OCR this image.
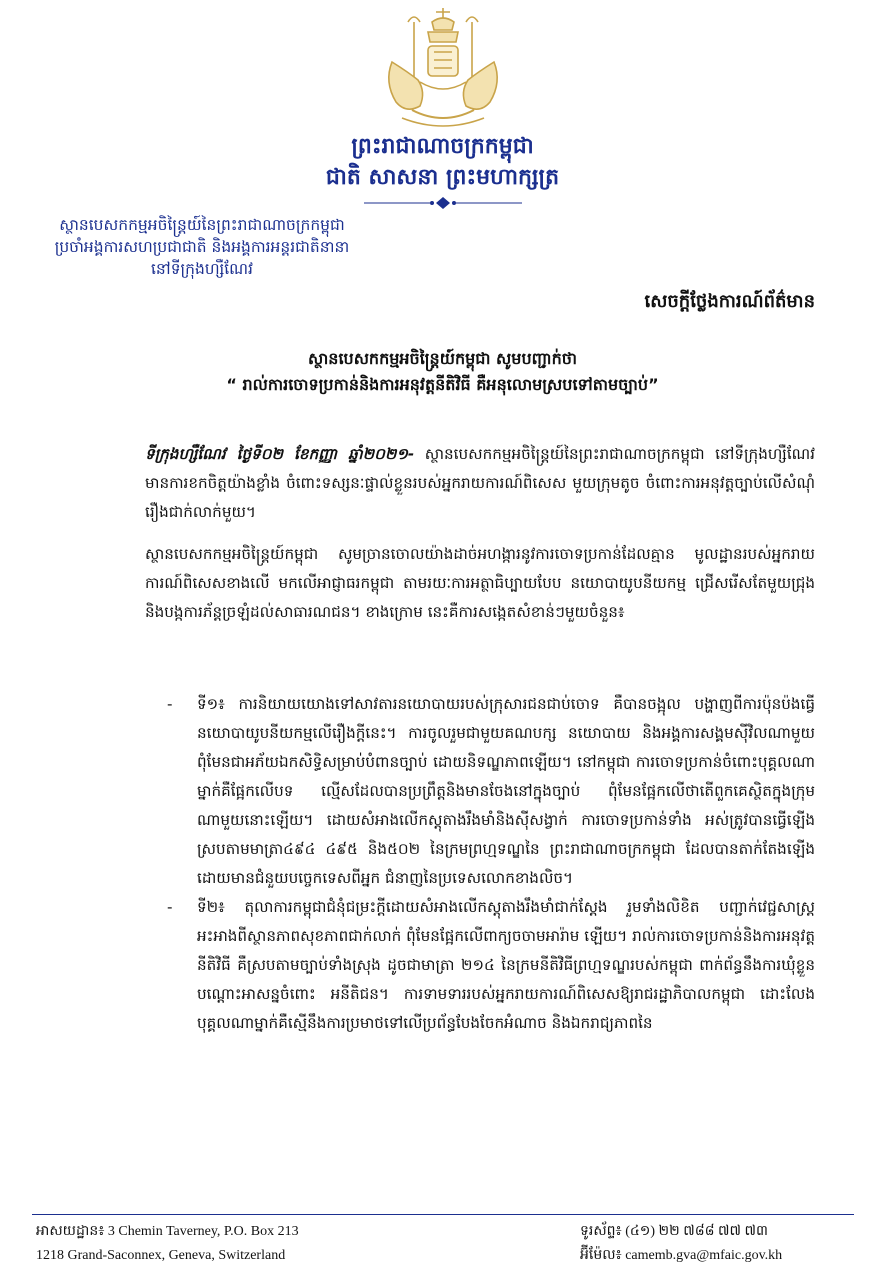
ព្រះរាជាណាចក្រកម្ពុជា
ជាតិ សាសនា ព្រះមហាក្សត្រ
ស្ថានបេសកកម្មអចិន្ត្រៃយ៍នៃព្រះរាជាណាចក្រកម្ពុជា
ប្រចាំអង្គការសហប្រជាជាតិ និងអង្គការអន្តរជាតិនានា
នៅទីក្រុងហ្សឺណែវ
សេចក្តីថ្លែងការណ៍ព័ត៌មាន
ស្ថានបេសកកម្មអចិន្ត្រៃយ៍កម្ពុជា សូមបញ្ជាក់ថា
“ រាល់ការចោទប្រកាន់និងការអនុវត្តនីតិវិធី គឺអនុលោមស្របទៅតាមច្បាប់”
ទីក្រុងហ្សឺណែវ ថ្ងៃទី០២ ខែកញ្ញា ឆ្នាំ២០២១- ស្ថានបេសកកម្មអចិន្ត្រៃយ៍នៃព្រះរាជាណាចក្រកម្ពុជា នៅទីក្រុងហ្សឺណែវ មានការខកចិត្តយ៉ាងខ្លាំង ចំពោះទស្សនៈផ្ទាល់ខ្លួនរបស់អ្នករាយការណ៍ពិសេស មួយក្រុមតូច ចំពោះការអនុវត្តច្បាប់លើសំណុំរឿងជាក់លាក់មួយ។
ស្ថានបេសកកម្មអចិន្ត្រៃយ៍កម្ពុជា សូមច្រានចោលយ៉ាងដាច់អហង្ការនូវការចោទប្រកាន់ដែលគ្មាន មូលដ្ឋានរបស់អ្នករាយការណ៍ពិសេសខាងលើ មកលើអាជ្ញាធរកម្ពុជា តាមរយៈការអត្ថាធិប្បាយបែប នយោបាយូបនីយកម្ម ជ្រើសរើសតែមួយជ្រុង និងបង្កការភ័ន្តច្រឡំដល់សាធារណជន។ ខាងក្រោម នេះគឺការសង្កេតសំខាន់ៗមួយចំនួន៖
- ទី១៖ ការនិយាយយោងទៅសាវតារនយោបាយរបស់ក្រុសារជនជាប់ចោទ គឺបានចង្អុល បង្ហាញពីការប៉ុនប៉ងធ្វើនយោបាយូបនីយកម្មលើរឿងក្តីនេះ។ ការចូលរួមជាមួយគណបក្ស នយោបាយ និងអង្គការសង្គមស៊ីវិលណាមួយ ពុំមែនជាអភ័យឯកសិទ្ធិសម្រាប់បំពានច្បាប់ ដោយនិទណ្ឌភាពឡើយ។ នៅកម្ពុជា ការចោទប្រកាន់ចំពោះបុគ្គលណាម្នាក់គឺផ្អែកលើបទ ល្មើសដែលបានប្រព្រឹត្តនិងមានចែងនៅក្នុងច្បាប់ ពុំមែនផ្អែកលើថាតើពួកគេស្ថិតក្នុងក្រុម ណាមួយនោះឡើយ។ ដោយសំអាងលើកស្តុតាងរឹងមាំនិងស៊ីសង្វាក់ ការចោទប្រកាន់ទាំង អស់ត្រូវបានធ្វើឡើងស្របតាមមាត្រា៤៩៤ ៤៩៥ និង៥០២ នៃក្រមព្រហ្មទណ្ឌនៃ ព្រះរាជាណាចក្រកម្ពុជា ដែលបានតាក់តែងឡើងដោយមានជំនួយបច្ចេកទេសពីអ្នក ជំនាញនៃប្រទេសលោកខាងលិច។
- ទី២៖ តុលាការកម្ពុជាជំនុំជម្រះក្តីដោយសំអាងលើកស្តុតាងរឹងមាំជាក់ស្តែង រួមទាំងលិខិត បញ្ជាក់វេជ្ជសាស្ត្រ អះអាងពីស្ថានភាពសុខភាពជាក់លាក់ ពុំមែនផ្អែកលើពាក្យចចាមអារ៉ាម ឡើយ។ រាល់ការចោទប្រកាន់និងការអនុវត្តនីតិវិធី គឺស្របតាមច្បាប់ទាំងស្រុង ដូចជាមាត្រា ២១៤ នៃក្រមនីតិវិធីព្រហ្មទណ្ឌរបស់កម្ពុជា ពាក់ព័ន្ធនឹងការឃុំខ្លួនបណ្តោះអាសន្នចំពោះ អនីតិជន។ ការទាមទាររបស់អ្នករាយការណ៍ពិសេសឱ្យរាជរដ្ឋាភិបាលកម្ពុជា ដោះលែង បុគ្គលណាម្នាក់គឺស្មើនឹងការប្រមាថទៅលើប្រព័ន្ធបែងចែកអំណាច និងឯករាជ្យភាពនៃ
អាសយដ្ឋាន៖ 3 Chemin Taverney, P.O. Box 213
1218 Grand-Saconnex, Geneva, Switzerland
ទូរស័ព្ទ៖ (៤១) ២២ ៧៨៨ ៧៧ ៧៣
អ៊ីម៉ែល៖ camemb.gva@mfaic.gov.kh
